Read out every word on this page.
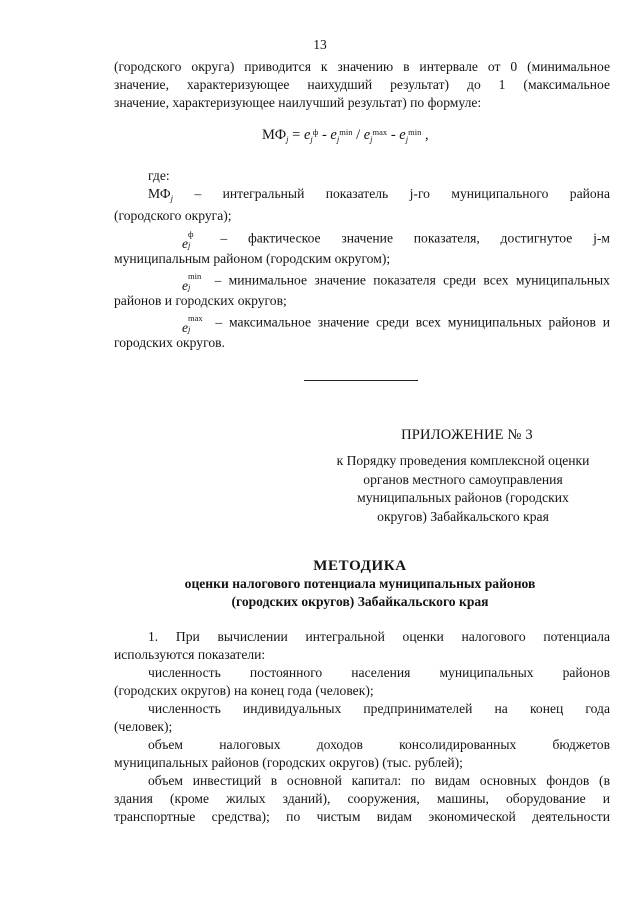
13

(городского округа) приводится к значению в интервале от 0 (минимальное

значение, характеризующее наихудший результат) до 1 (максимальное

значение, характеризующее наилучший результат) по формуле:

$МФ_j = e_j^ф - e_j^{min} / e_j^{max} - e_j^{min}$ ,

где:

$МФ_j$ – интегральный показатель j-го муниципального района

(городского округа);

ф
ej – фактическое значение показателя, достигнутое j-м

муниципальным районом (городским округом);

min
ej	– минимальное значение показателя среди всех муниципальных

районов и городских округов;

max
ej	– максимальное значение среди всех муниципальных районов и

городских округов.

ПРИЛОЖЕНИЕ № 3
к Порядку проведения комплексной оценки
органов местного самоуправления
муниципальных районов (городских
округов) Забайкальского края
МЕТОДИКА
оценки налогового потенциала муниципальных районов
(городских округов) Забайкальского края

1. При вычислении интегральной оценки налогового потенциала

используются показатели:

численность постоянного населения муниципальных районов

(городских округов) на конец года (человек);

численность индивидуальных предпринимателей на конец года

(человек);

объем налоговых доходов консолидированных бюджетов

муниципальных районов (городских округов) (тыс. рублей);

объем инвестиций в основной капитал: по видам основных фондов (в

здания (кроме жилых зданий), сооружения, машины, оборудование и

транспортные средства); по чистым видам экономической деятельности
